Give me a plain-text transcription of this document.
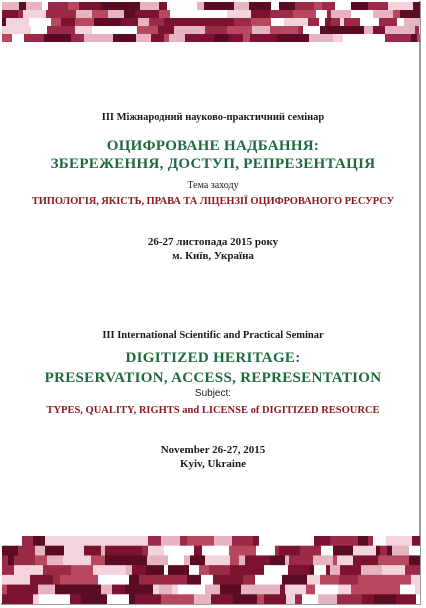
III Міжнародний науково-практичний семінар
ОЦИФРОВАНЕ НАДБАННЯ:
ЗБЕРЕЖЕННЯ, ДОСТУП, РЕПРЕЗЕНТАЦІЯ
Тема заходу
ТИПОЛОГІЯ, ЯКІСТЬ, ПРАВА ТА ЛІЦЕНЗІЇ ОЦИФРОВАНОГО РЕСУРСУ
26-27 листопада 2015 року
м. Київ, Україна
III International Scientific and Practical Seminar
DIGITIZED HERITAGE:
PRESERVATION, ACCESS, REPRESENTATION
Subject:
TYPES, QUALITY, RIGHTS and LICENSE of DIGITIZED RESOURCE
November 26-27, 2015
Kyiv, Ukraine
